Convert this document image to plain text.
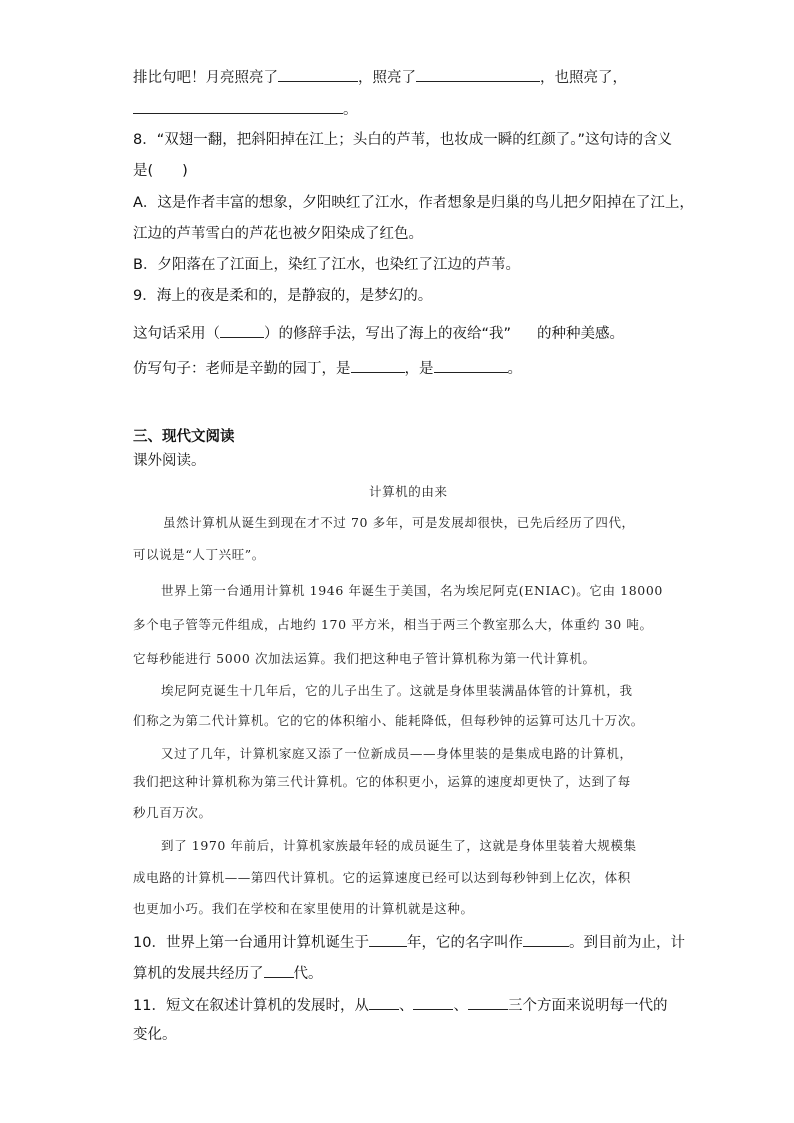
排比句吧！月亮照亮了	，照亮了	，也照亮了，
。
8．“双翅一翻，把斜阳掉在江上；头白的芦苇，也妆成一瞬的红颜了。”这句诗的含义
是(　　)
A．这是作者丰富的想象，夕阳映红了江水，作者想象是归巢的鸟儿把夕阳掉在了江上，
江边的芦苇雪白的芦花也被夕阳染成了红色。
B．夕阳落在了江面上，染红了江水，也染红了江边的芦苇。
9．海上的夜是柔和的，是静寂的，是梦幻的。
这句话采用（	）的修辞手法，写出了海上的夜给“我” 的种种美感。
仿写句子：老师是辛勤的园丁，是	，是	。
三、现代文阅读
课外阅读。
计算机的由来
虽然计算机从诞生到现在才不过 70 多年，可是发展却很快，已先后经历了四代，
可以说是“人丁兴旺”。
世界上第一台通用计算机 1946 年诞生于美国，名为埃尼阿克(ENIAC)。它由 18000
多个电子管等元件组成，占地约 170 平方米，相当于两三个教室那么大，体重约 30 吨。
它每秒能进行 5000 次加法运算。我们把这种电子管计算机称为第一代计算机。
埃尼阿克诞生十几年后，它的儿子出生了。这就是身体里装满晶体管的计算机，我
们称之为第二代计算机。它的它的体积缩小、能耗降低，但每秒钟的运算可达几十万次。
又过了几年，计算机家庭又添了一位新成员——身体里装的是集成电路的计算机，
我们把这种计算机称为第三代计算机。它的体积更小，运算的速度却更快了，达到了每
秒几百万次。
到了 1970 年前后，计算机家族最年轻的成员诞生了，这就是身体里装着大规模集
成电路的计算机——第四代计算机。它的运算速度已经可以达到每秒钟到上亿次，体积
也更加小巧。我们在学校和在家里使用的计算机就是这种。
10．世界上第一台通用计算机诞生于	年，它的名字叫作	。到目前为止，计
算机的发展共经历了 代。
11．短文在叙述计算机的发展时，从 、	、	三个方面来说明每一代的
变化。
